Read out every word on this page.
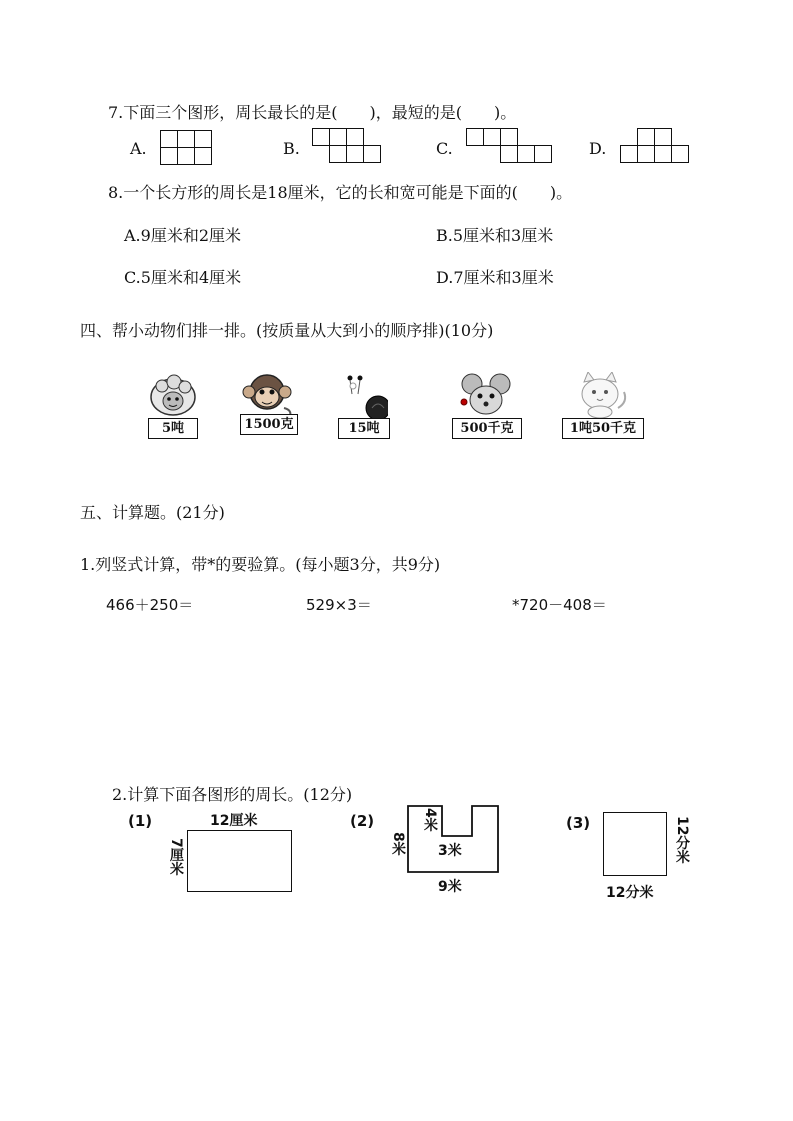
7.下面三个图形，周长最长的是(　　)，最短的是(　　)。
A.	B.	C.	D.
8.一个长方形的周长是18厘米，它的长和宽可能是下面的(　　)。
A.9厘米和2厘米	B.5厘米和3厘米
C.5厘米和4厘米	D.7厘米和3厘米
四、帮小动物们排一排。(按质量从大到小的顺序排)(10分)
5吨	1500克	15吨	500千克	1吨50千克
五、计算题。(21分)
1.列竖式计算，带*的要验算。(每小题3分，共9分)
466＋250＝	529×3＝	*720－408＝
2.计算下面各图形的周长。(12分)
(1)	12厘米
7厘米
(2)
8米
4米
3米
9米
(3)	12分米
12分米
